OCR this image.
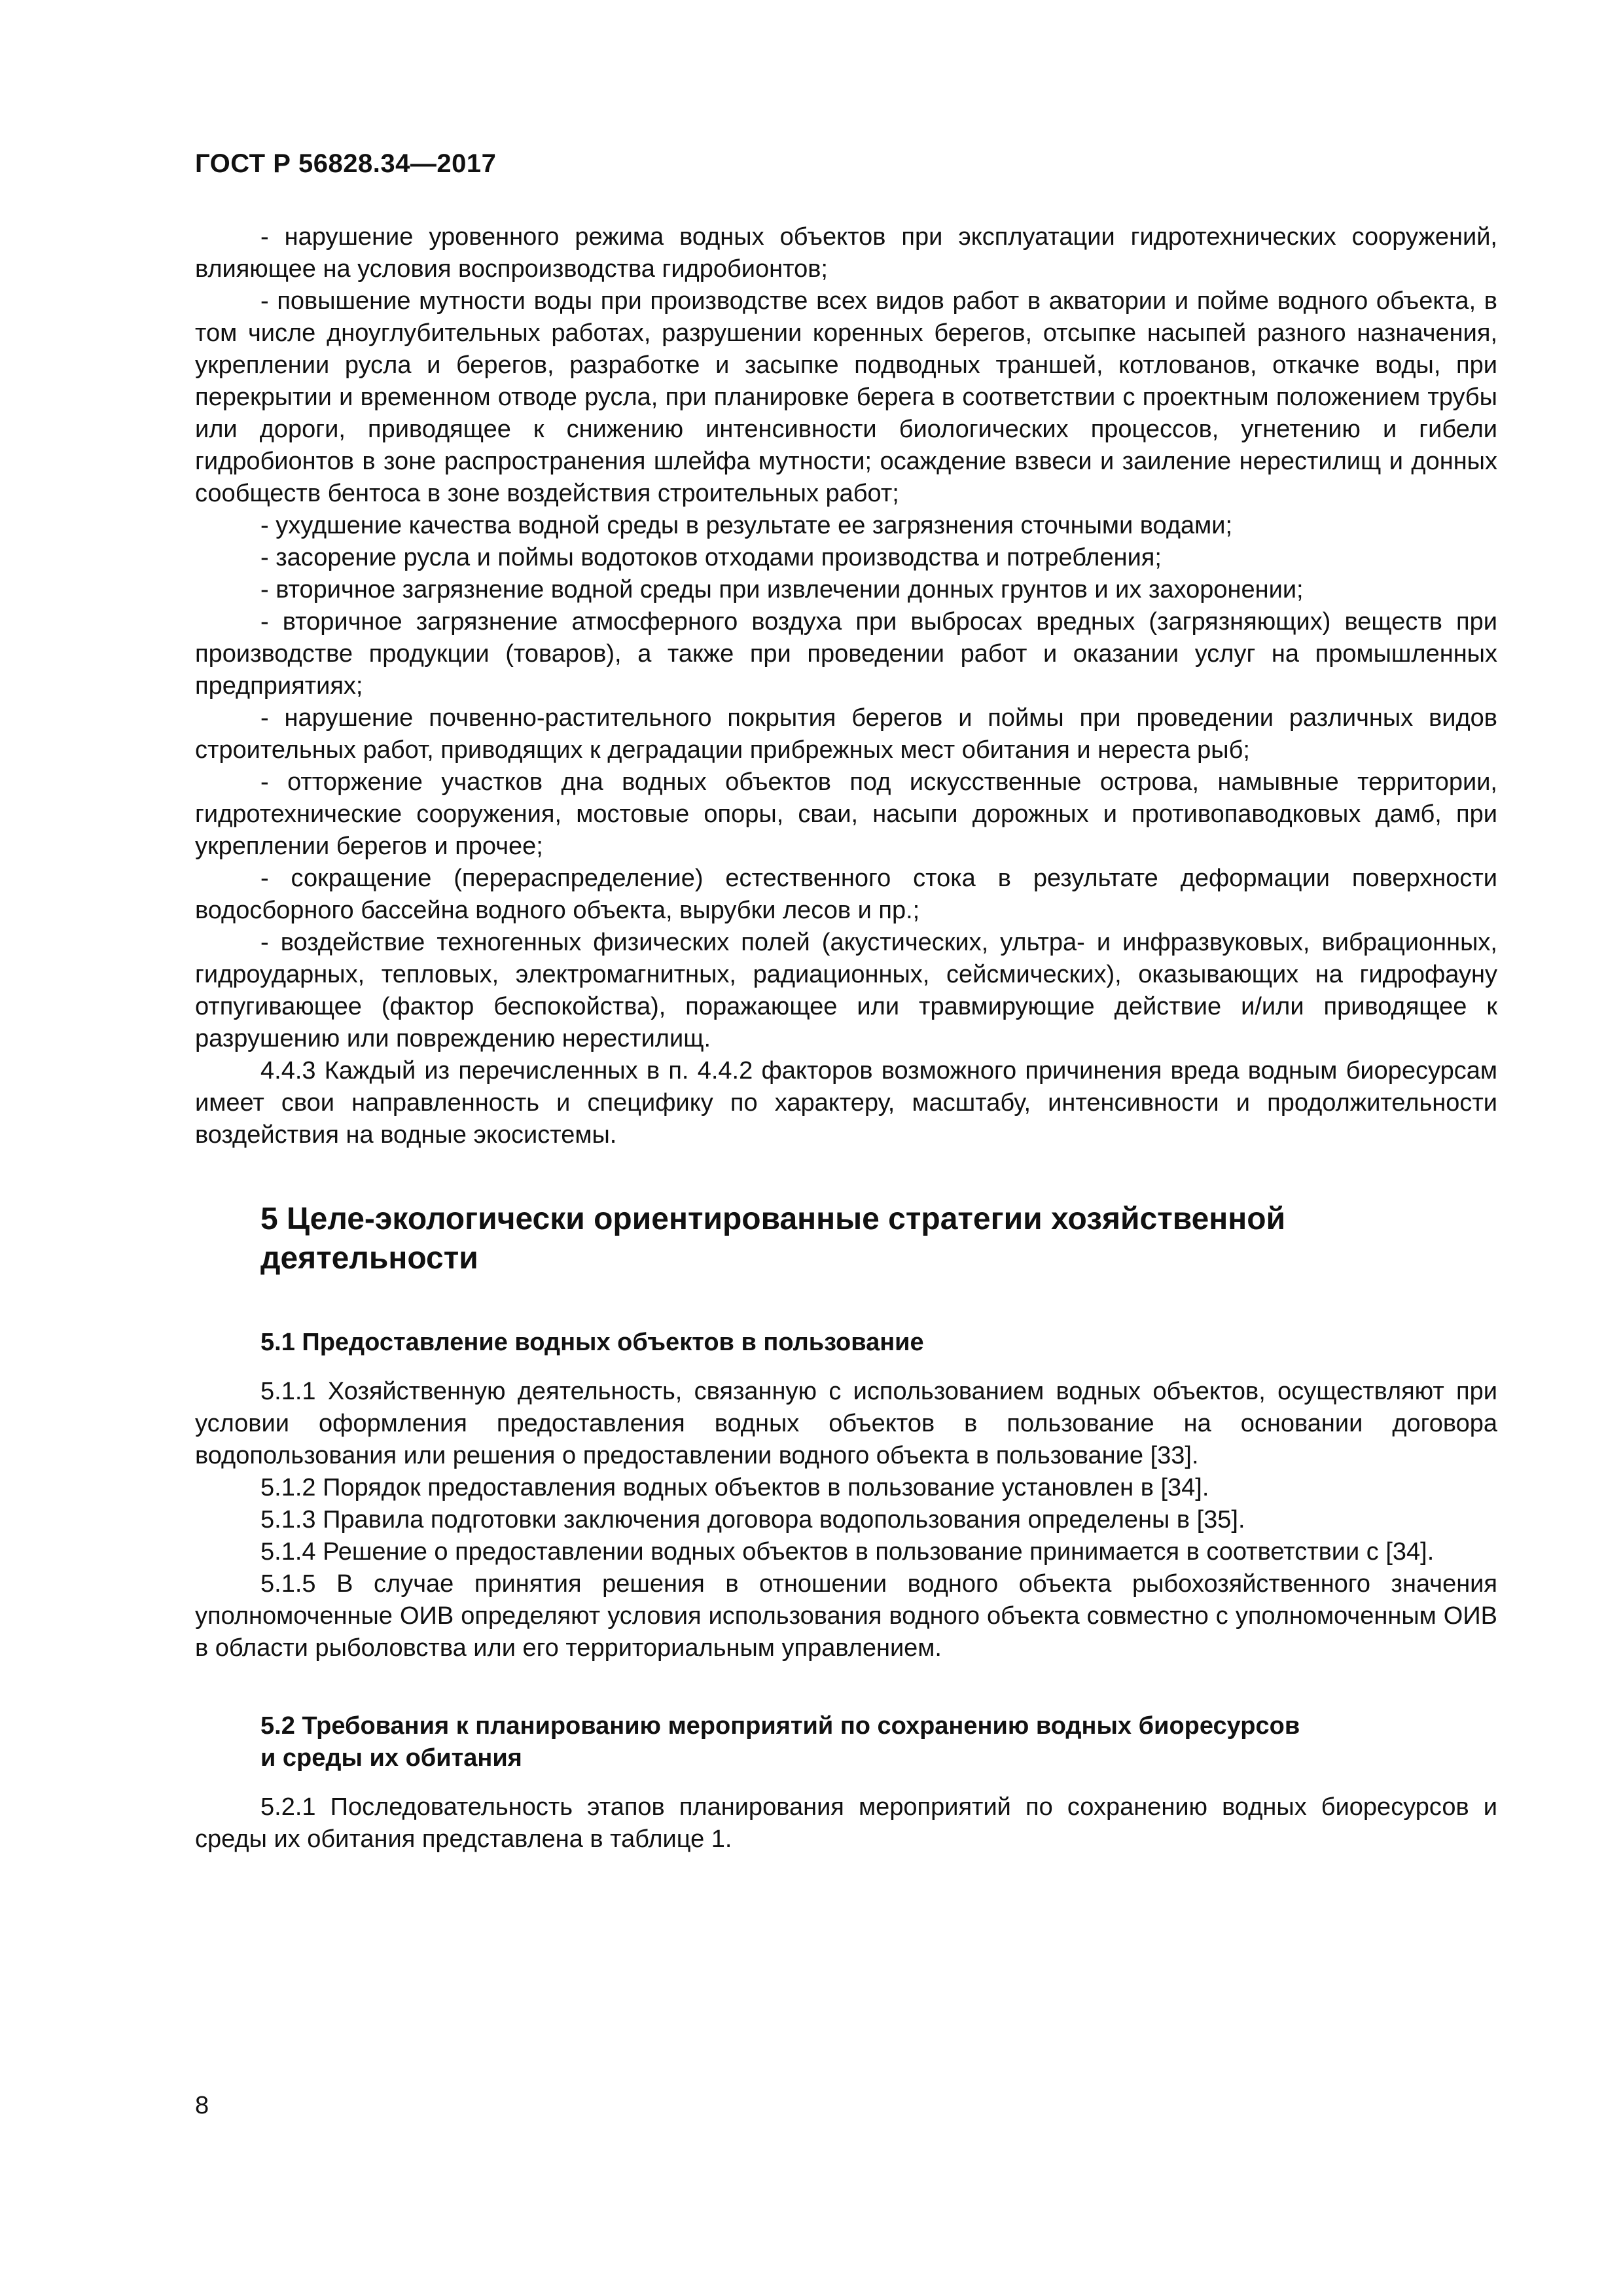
ГОСТ Р 56828.34—2017

- нарушение уровенного режима водных объектов при эксплуатации гидротехнических сооружений, влияющее на условия воспроизводства гидробионтов;

- повышение мутности воды при производстве всех видов работ в акватории и пойме водного объекта, в том числе дноуглубительных работах, разрушении коренных берегов, отсыпке насыпей разного назначения, укреплении русла и берегов, разработке и засыпке подводных траншей, котлованов, откачке воды, при перекрытии и временном отводе русла, при планировке берега в соответствии с проектным положением трубы или дороги, приводящее к снижению интенсивности биологических процессов, угнетению и гибели гидробионтов в зоне распространения шлейфа мутности; осаждение взвеси и заиление нерестилищ и донных сообществ бентоса в зоне воздействия строительных работ;

- ухудшение качества водной среды в результате ее загрязнения сточными водами;

- засорение русла и поймы водотоков отходами производства и потребления;

- вторичное загрязнение водной среды при извлечении донных грунтов и их захоронении;

- вторичное загрязнение атмосферного воздуха при выбросах вредных (загрязняющих) веществ при производстве продукции (товаров), а также при проведении работ и оказании услуг на промышленных предприятиях;

- нарушение почвенно-растительного покрытия берегов и поймы при проведении различных видов строительных работ, приводящих к деградации прибрежных мест обитания и нереста рыб;

- отторжение участков дна водных объектов под искусственные острова, намывные территории, гидротехнические сооружения, мостовые опоры, сваи, насыпи дорожных и противопаводковых дамб, при укреплении берегов и прочее;

- сокращение (перераспределение) естественного стока в результате деформации поверхности водосборного бассейна водного объекта, вырубки лесов и пр.;

- воздействие техногенных физических полей (акустических, ультра- и инфразвуковых, вибрационных, гидроударных, тепловых, электромагнитных, радиационных, сейсмических), оказывающих на гидрофауну отпугивающее (фактор беспокойства), поражающее или травмирующие действие и/или приводящее к разрушению или повреждению нерестилищ.

4.4.3 Каждый из перечисленных в п. 4.4.2 факторов возможного причинения вреда водным биоресурсам имеет свои направленность и специфику по характеру, масштабу, интенсивности и продолжительности воздействия на водные экосистемы.

5 Целе-экологически ориентированные стратегии хозяйственной
деятельности
5.1 Предоставление водных объектов в пользование

5.1.1 Хозяйственную деятельность, связанную с использованием водных объектов, осуществляют при условии оформления предоставления водных объектов в пользование на основании договора водопользования или решения о предоставлении водного объекта в пользование [33].

5.1.2 Порядок предоставления водных объектов в пользование установлен в [34].

5.1.3 Правила подготовки заключения договора водопользования определены в [35].

5.1.4 Решение о предоставлении водных объектов в пользование принимается в соответствии с [34].

5.1.5 В случае принятия решения в отношении водного объекта рыбохозяйственного значения уполномоченные ОИВ определяют условия использования водного объекта совместно с уполномоченным ОИВ в области рыболовства или его территориальным управлением.

5.2 Требования к планированию мероприятий по сохранению водных биоресурсов
и среды их обитания

5.2.1 Последовательность этапов планирования мероприятий по сохранению водных биоресурсов и среды их обитания представлена в таблице 1.

8
